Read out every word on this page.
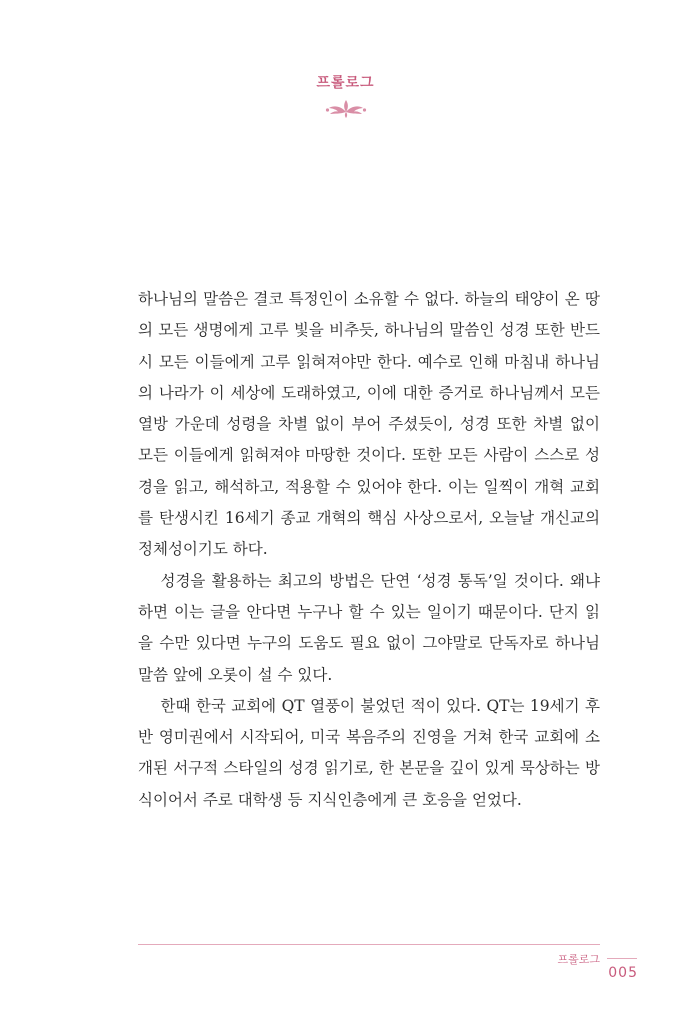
프롤로그

하나님의 말씀은 결코 특정인이 소유할 수 없다. 하늘의 태양이 온 땅의 모든 생명에게 고루 빛을 비추듯, 하나님의 말씀인 성경 또한 반드시 모든 이들에게 고루 읽혀져야만 한다. 예수로 인해 마침내 하나님의 나라가 이 세상에 도래하였고, 이에 대한 증거로 하나님께서 모든 열방 가운데 성령을 차별 없이 부어 주셨듯이, 성경 또한 차별 없이 모든 이들에게 읽혀져야 마땅한 것이다. 또한 모든 사람이 스스로 성경을 읽고, 해석하고, 적용할 수 있어야 한다. 이는 일찍이 개혁 교회를 탄생시킨 16세기 종교 개혁의 핵심 사상으로서, 오늘날 개신교의 정체성이기도 하다.

성경을 활용하는 최고의 방법은 단연 ‘성경 통독’일 것이다. 왜냐하면 이는 글을 안다면 누구나 할 수 있는 일이기 때문이다. 단지 읽을 수만 있다면 누구의 도움도 필요 없이 그야말로 단독자로 하나님 말씀 앞에 오롯이 설 수 있다.

한때 한국 교회에 QT 열풍이 불었던 적이 있다. QT는 19세기 후반 영미권에서 시작되어, 미국 복음주의 진영을 거쳐 한국 교회에 소개된 서구적 스타일의 성경 읽기로, 한 본문을 깊이 있게 묵상하는 방식이어서 주로 대학생 등 지식인층에게 큰 호응을 얻었다.

프롤로그
005
